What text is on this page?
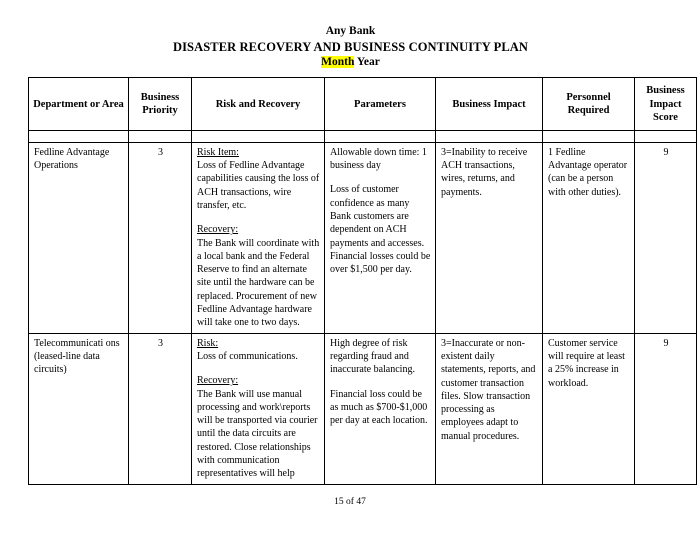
Any Bank
DISASTER RECOVERY AND BUSINESS CONTINUITY PLAN
Month Year
Department or Area	Business Priority	Risk and Recovery	Parameters	Business Impact	Personnel Required	Business Impact Score

Fedline Advantage Operations	3	Risk Item:
Loss of Fedline Advantage capabilities causing the loss of ACH transactions, wire transfer, etc.
Recovery:
The Bank will coordinate with a local bank and the Federal Reserve to find an alternate site until the hardware can be replaced. Procurement of new Fedline Advantage hardware will take one to two days.	Allowable down time: 1 business day
Loss of customer confidence as many Bank customers are dependent on ACH payments and accesses. Financial losses could be over $1,500 per day.	3=Inability to receive ACH transactions, wires, returns, and payments.	1 Fedline Advantage operator (can be a person with other duties).	9
Telecommunicati ons (leased-line data circuits)	3	Risk:
Loss of communications.
Recovery:
The Bank will use manual processing and work\reports will be transported via courier until the data circuits are restored. Close relationships with communication representatives will help	High degree of risk regarding fraud and inaccurate balancing.
Financial loss could be as much as $700-$1,000 per day at each location.	3=Inaccurate or non-existent daily statements, reports, and customer transaction files. Slow transaction processing as employees adapt to manual procedures.	Customer service will require at least a 25% increase in workload.	9
15 of 47
